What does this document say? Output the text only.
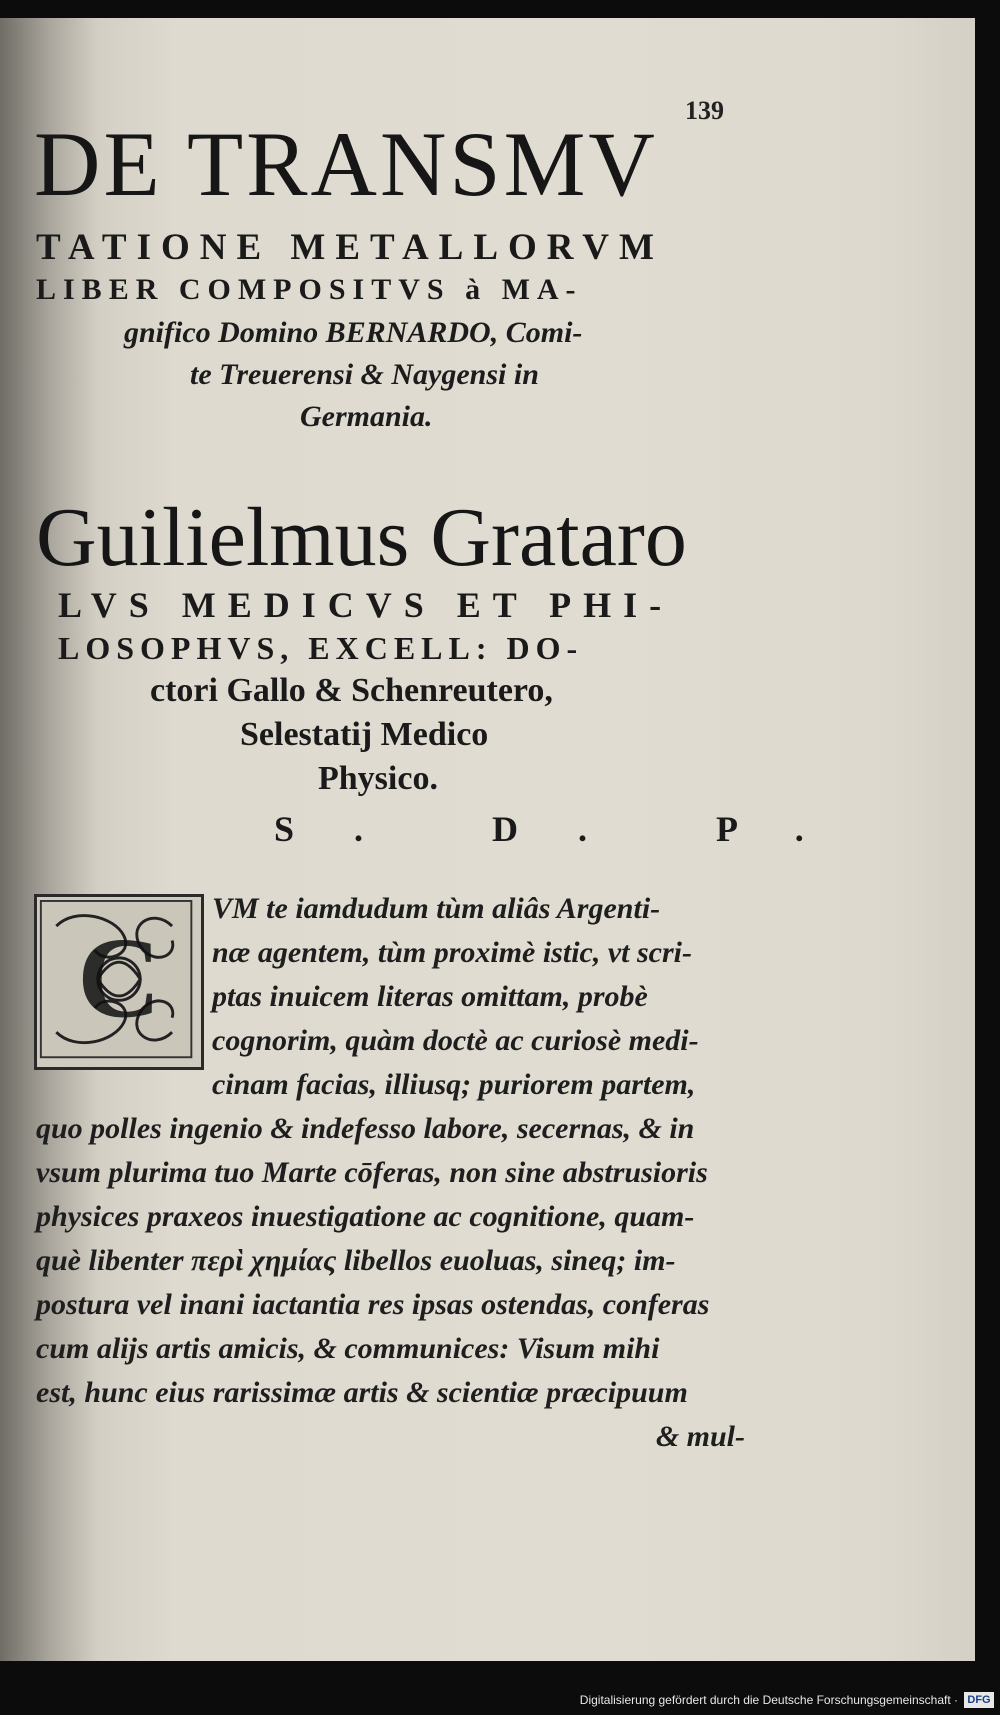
139
DE TRANSMV
TATIONE METALLORVM
LIBER COMPOSITVS à MA-
gnifico Domino BERNARDO, Comi-
te Treuerensi & Naygensi in
Germania.
Guilielmus Grataro
LVS MEDICVS ET PHI-
LOSOPHVS, EXCELL: DO-
ctori Gallo & Schenreutero,
Selestatij Medico
Physico.
S. D. P.
C
VM te iamdudum tùm aliâs Argenti-
næ agentem, tùm proximè istic, vt scri-
ptas inuicem literas omittam, probè
cognorim, quàm doctè ac curiosè medi-
cinam facias, illiusq; puriorem partem,
quo polles ingenio & indefesso labore, secernas, & in
vsum plurima tuo Marte cōferas, non sine abstrusioris
physices praxeos inuestigatione ac cognitione, quam-
què libenter περὶ χημίας libellos euoluas, sineq; im-
postura vel inani iactantia res ipsas ostendas, conferas
cum alijs artis amicis, & communices: Visum mihi
est, hunc eius rarissimæ artis & scientiæ præcipuum
& mul-
Digitalisierung gefördert durch die Deutsche Forschungsgemeinschaft · DFG
